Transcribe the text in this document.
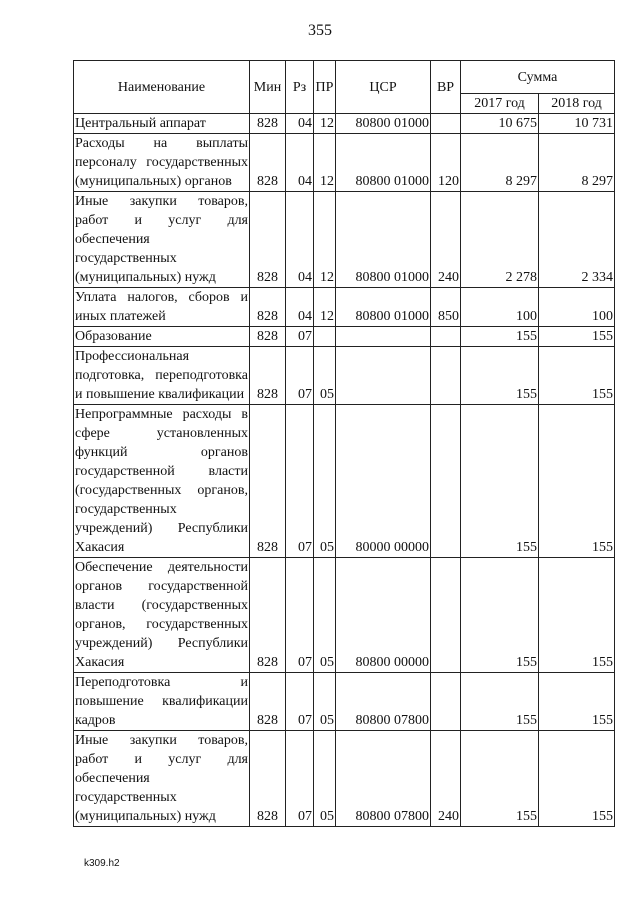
355
Наименование	Мин	Рз	ПР	ЦСР	ВР	Сумма	
						2017 год	2018 год
Центральный аппарат	828	04	12	80800 01000		10 675	10 731
Расходы на выплаты персоналу государственных (муниципальных) органов	828	04	12	80800 01000	120	8 297	8 297
Иные закупки товаров, работ и услуг для обеспечения государственных (муниципальных) нужд	828	04	12	80800 01000	240	2 278	2 334
Уплата налогов, сборов и иных платежей	828	04	12	80800 01000	850	100	100
Образование	828	07				155	155
Профессиональная подготовка, переподготовка и повышение квалификации	828	07	05			155	155
Непрограммные расходы в сфере установленных функций органов государственной власти (государственных органов, государственных учреждений) Республики Хакасия	828	07	05	80000 00000		155	155
Обеспечение деятельности органов государственной власти (государственных органов, государственных учреждений) Республики Хакасия	828	07	05	80800 00000		155	155
Переподготовка и повышение квалификации кадров	828	07	05	80800 07800		155	155
Иные закупки товаров, работ и услуг для обеспечения государственных (муниципальных) нужд	828	07	05	80800 07800	240	155	155
k309.h2
